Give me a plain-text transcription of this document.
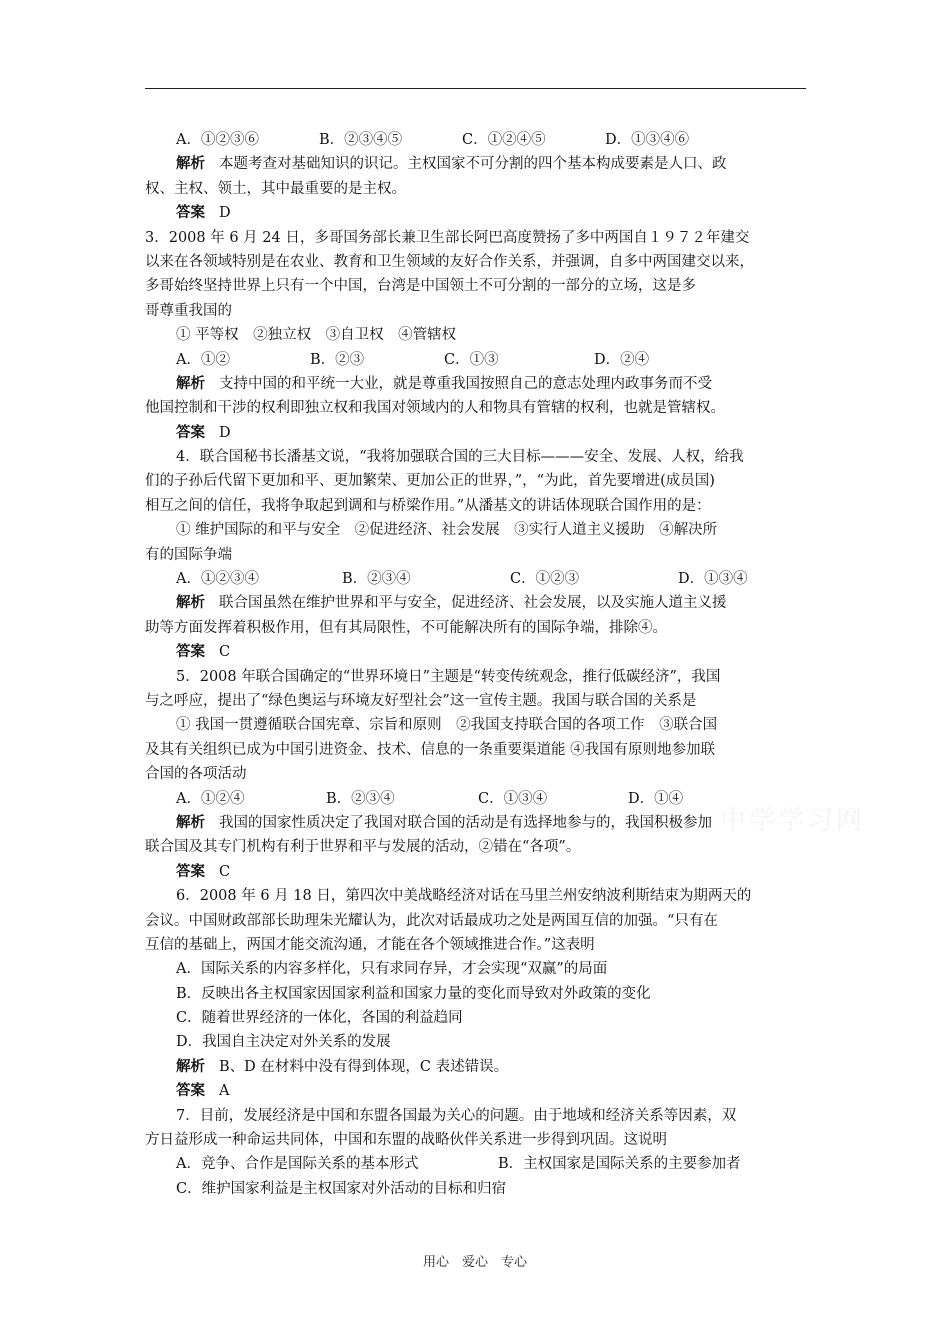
中学学习网
A．①②③⑥	B．②③④⑤	C．①②④⑤	D．①③④⑥
解析 本题考查对基础知识的识记。主权国家不可分割的四个基本构成要素是人口、政
权、主权、领土，其中最重要的是主权。
答案 D
3．2008 年 6 月 24 日，多哥国务部长兼卫生部长阿巴高度赞扬了多中两国自１９７２年建交
以来在各领域特别是在农业、教育和卫生领域的友好合作关系，并强调，自多中两国建交以来，
多哥始终坚持世界上只有一个中国，台湾是中国领土不可分割的一部分的立场，这是多
哥尊重我国的
① 平等权　②独立权　③自卫权　④管辖权
A．①②	B．②③	C．①③	D．②④
解析 支持中国的和平统一大业，就是尊重我国按照自己的意志处理内政事务而不受
他国控制和干涉的权利即独立权和我国对领域内的人和物具有管辖的权利，也就是管辖权。
答案 D
4．联合国秘书长潘基文说，“我将加强联合国的三大目标———安全、发展、人权，给我
们的子孙后代留下更加和平、更加繁荣、更加公正的世界，”，“为此，首先要增进(成员国)
相互之间的信任，我将争取起到调和与桥梁作用。”从潘基文的讲话体现联合国作用的是：
① 维护国际的和平与安全　②促进经济、社会发展　③实行人道主义援助　④解决所
有的国际争端
A．①②③④	B．②③④	C．①②③	D．①③④
解析 联合国虽然在维护世界和平与安全，促进经济、社会发展，以及实施人道主义援
助等方面发挥着积极作用，但有其局限性，不可能解决所有的国际争端，排除④。
答案 C
5．2008 年联合国确定的“世界环境日”主题是“转变传统观念，推行低碳经济”，我国
与之呼应，提出了“绿色奥运与环境友好型社会”这一宣传主题。我国与联合国的关系是
① 我国一贯遵循联合国宪章、宗旨和原则　②我国支持联合国的各项工作　③联合国
及其有关组织已成为中国引进资金、技术、信息的一条重要渠道能 ④我国有原则地参加联
合国的各项活动
A．①②④	B．②③④	C．①③④	D．①④
解析 我国的国家性质决定了我国对联合国的活动是有选择地参与的，我国积极参加
联合国及其专门机构有利于世界和平与发展的活动，②错在“各项”。
答案 C
6．2008 年 6 月 18 日，第四次中美战略经济对话在马里兰州安纳波利斯结束为期两天的
会议。中国财政部部长助理朱光耀认为，此次对话最成功之处是两国互信的加强。“只有在
互信的基础上，两国才能交流沟通，才能在各个领域推进合作。”这表明
A．国际关系的内容多样化，只有求同存异，才会实现“双赢”的局面
B．反映出各主权国家因国家利益和国家力量的变化而导致对外政策的变化
C．随着世界经济的一体化，各国的利益趋同
D．我国自主决定对外关系的发展
解析 B、D 在材料中没有得到体现，C 表述错误。
答案 A
7．目前，发展经济是中国和东盟各国最为关心的问题。由于地域和经济关系等因素，双
方日益形成一种命运共同体，中国和东盟的战略伙伴关系进一步得到巩固。这说明
A．竞争、合作是国际关系的基本形式	B．主权国家是国际关系的主要参加者
C．维护国家利益是主权国家对外活动的目标和归宿
用心　爱心　专心
